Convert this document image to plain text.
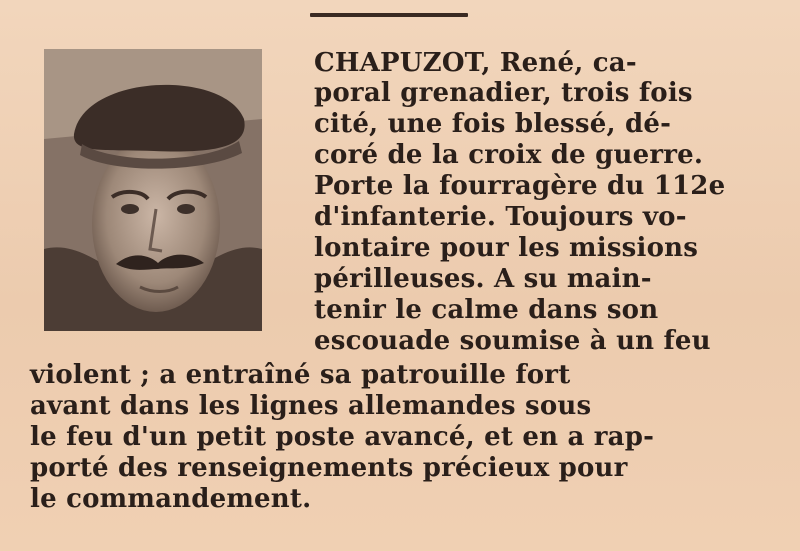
CHAPUZOT, René, ca-
poral grenadier, trois fois
cité, une fois blessé, dé-
coré de la croix de guerre.
Porte la fourragère du 112e
d'infanterie. Toujours vo-
lontaire pour les missions
périlleuses. A su main-
tenir le calme dans son
escouade soumise à un feu
violent ; a entraîné sa patrouille fort
avant dans les lignes allemandes sous
le feu d'un petit poste avancé, et en a rap-
porté des renseignements précieux pour
le commandement.
